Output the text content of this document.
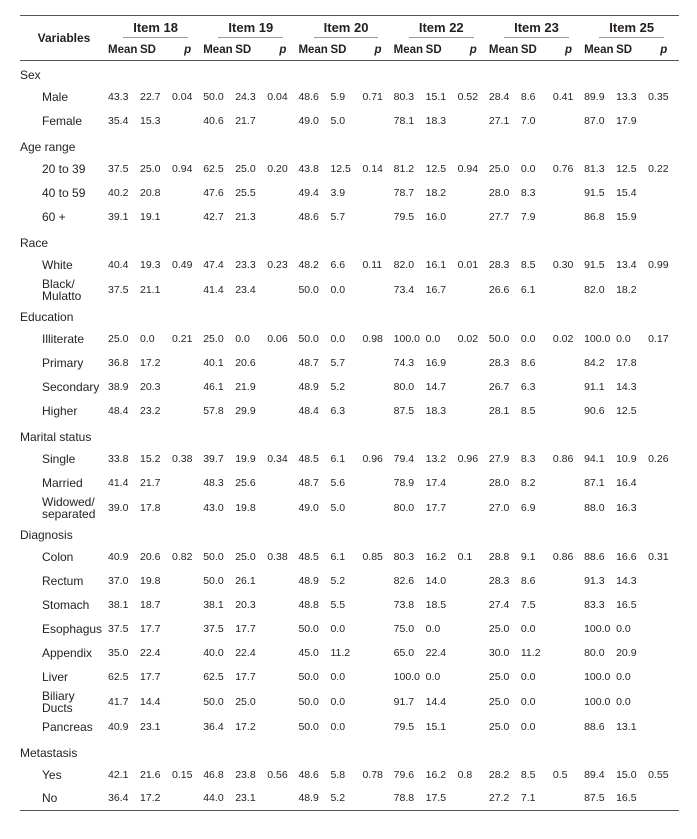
Variables	Item 18			Item 19			Item 20			Item 22			Item 23			Item 25		
	Mean	SD	p	Mean	SD	p	Mean	SD	p	Mean	SD	p	Mean	SD	p	Mean	SD	p
Sex																		
Male	43.3	22.7	0.04	50.0	24.3	0.04	48.6	5.9	0.71	80.3	15.1	0.52	28.4	8.6	0.41	89.9	13.3	0.35
Female	35.4	15.3		40.6	21.7		49.0	5.0		78.1	18.3		27.1	7.0		87.0	17.9	
Age range																		
20 to 39	37.5	25.0	0.94	62.5	25.0	0.20	43.8	12.5	0.14	81.2	12.5	0.94	25.0	0.0	0.76	81.3	12.5	0.22
40 to 59	40.2	20.8		47.6	25.5		49.4	3.9		78.7	18.2		28.0	8.3		91.5	15.4	
60 +	39.1	19.1		42.7	21.3		48.6	5.7		79.5	16.0		27.7	7.9		86.8	15.9	
Race																		
White	40.4	19.3	0.49	47.4	23.3	0.23	48.2	6.6	0.11	82.0	16.1	0.01	28.3	8.5	0.30	91.5	13.4	0.99
Black/ Mulatto	37.5	21.1		41.4	23.4		50.0	0.0		73.4	16.7		26.6	6.1		82.0	18.2	
Education																		
Illiterate	25.0	0.0	0.21	25.0	0.0	0.06	50.0	0.0	0.98	100.0	0.0	0.02	50.0	0.0	0.02	100.0	0.0	0.17
Primary	36.8	17.2		40.1	20.6		48.7	5.7		74.3	16.9		28.3	8.6		84.2	17.8	
Secondary	38.9	20.3		46.1	21.9		48.9	5.2		80.0	14.7		26.7	6.3		91.1	14.3	
Higher	48.4	23.2		57.8	29.9		48.4	6.3		87.5	18.3		28.1	8.5		90.6	12.5	
Marital status																		
Single	33.8	15.2	0.38	39.7	19.9	0.34	48.5	6.1	0.96	79.4	13.2	0.96	27.9	8.3	0.86	94.1	10.9	0.26
Married	41.4	21.7		48.3	25.6		48.7	5.6		78.9	17.4		28.0	8.2		87.1	16.4	
Widowed/ separated	39.0	17.8		43.0	19.8		49.0	5.0		80.0	17.7		27.0	6.9		88.0	16.3	
Diagnosis																		
Colon	40.9	20.6	0.82	50.0	25.0	0.38	48.5	6.1	0.85	80.3	16.2	0.1	28.8	9.1	0.86	88.6	16.6	0.31
Rectum	37.0	19.8		50.0	26.1		48.9	5.2		82.6	14.0		28.3	8.6		91.3	14.3	
Stomach	38.1	18.7		38.1	20.3		48.8	5.5		73.8	18.5		27.4	7.5		83.3	16.5	
Esophagus	37.5	17.7		37.5	17.7		50.0	0.0		75.0	0.0		25.0	0.0		100.0	0.0	
Appendix	35.0	22.4		40.0	22.4		45.0	11.2		65.0	22.4		30.0	11.2		80.0	20.9	
Liver	62.5	17.7		62.5	17.7		50.0	0.0		100.0	0.0		25.0	0.0		100.0	0.0	
Biliary Ducts	41.7	14.4		50.0	25.0		50.0	0.0		91.7	14.4		25.0	0.0		100.0	0.0	
Pancreas	40.9	23.1		36.4	17.2		50.0	0.0		79.5	15.1		25.0	0.0		88.6	13.1	
Metastasis																		
Yes	42.1	21.6	0.15	46.8	23.8	0.56	48.6	5.8	0.78	79.6	16.2	0.8	28.2	8.5	0.5	89.4	15.0	0.55
No	36.4	17.2		44.0	23.1		48.9	5.2		78.8	17.5		27.2	7.1		87.5	16.5	
